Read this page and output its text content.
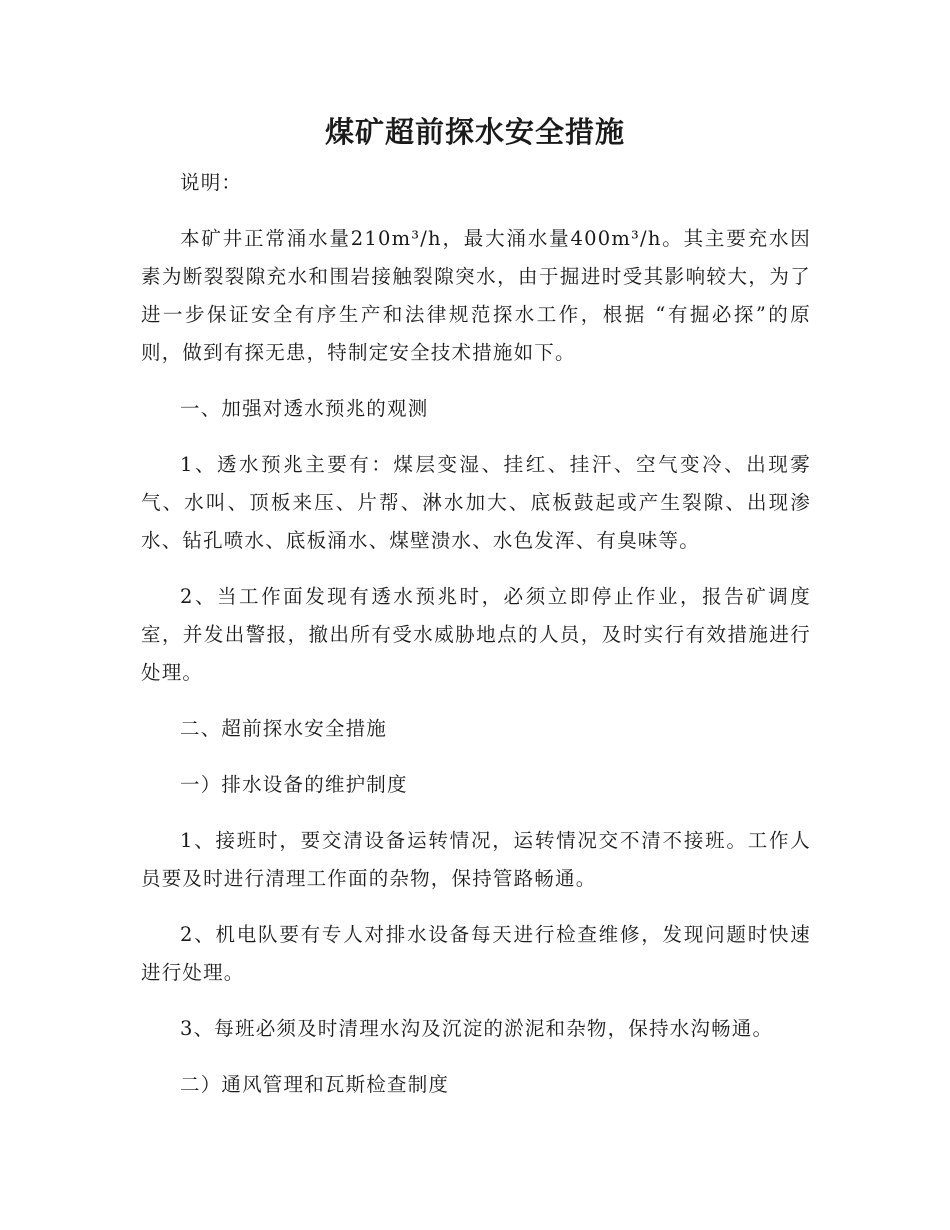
煤矿超前探水安全措施

说明：

本矿井正常涌水量210m³/h，最大涌水量400m³/h。其主要充水因素为断裂裂隙充水和围岩接触裂隙突水，由于掘进时受其影响较大，为了进一步保证安全有序生产和法律规范探水工作，根据 “有掘必探”的原则，做到有探无患，特制定安全技术措施如下。

一、加强对透水预兆的观测

1、透水预兆主要有：煤层变湿、挂红、挂汗、空气变冷、出现雾气、水叫、顶板来压、片帮、淋水加大、底板鼓起或产生裂隙、出现渗水、钻孔喷水、底板涌水、煤壁溃水、水色发浑、有臭味等。

2、当工作面发现有透水预兆时，必须立即停止作业，报告矿调度室，并发出警报，撤出所有受水威胁地点的人员，及时实行有效措施进行处理。

二、超前探水安全措施

一）排水设备的维护制度

1、接班时，要交清设备运转情况，运转情况交不清不接班。工作人员要及时进行清理工作面的杂物，保持管路畅通。

2、机电队要有专人对排水设备每天进行检查维修，发现问题时快速进行处理。

3、每班必须及时清理水沟及沉淀的淤泥和杂物，保持水沟畅通。

二）通风管理和瓦斯检查制度
